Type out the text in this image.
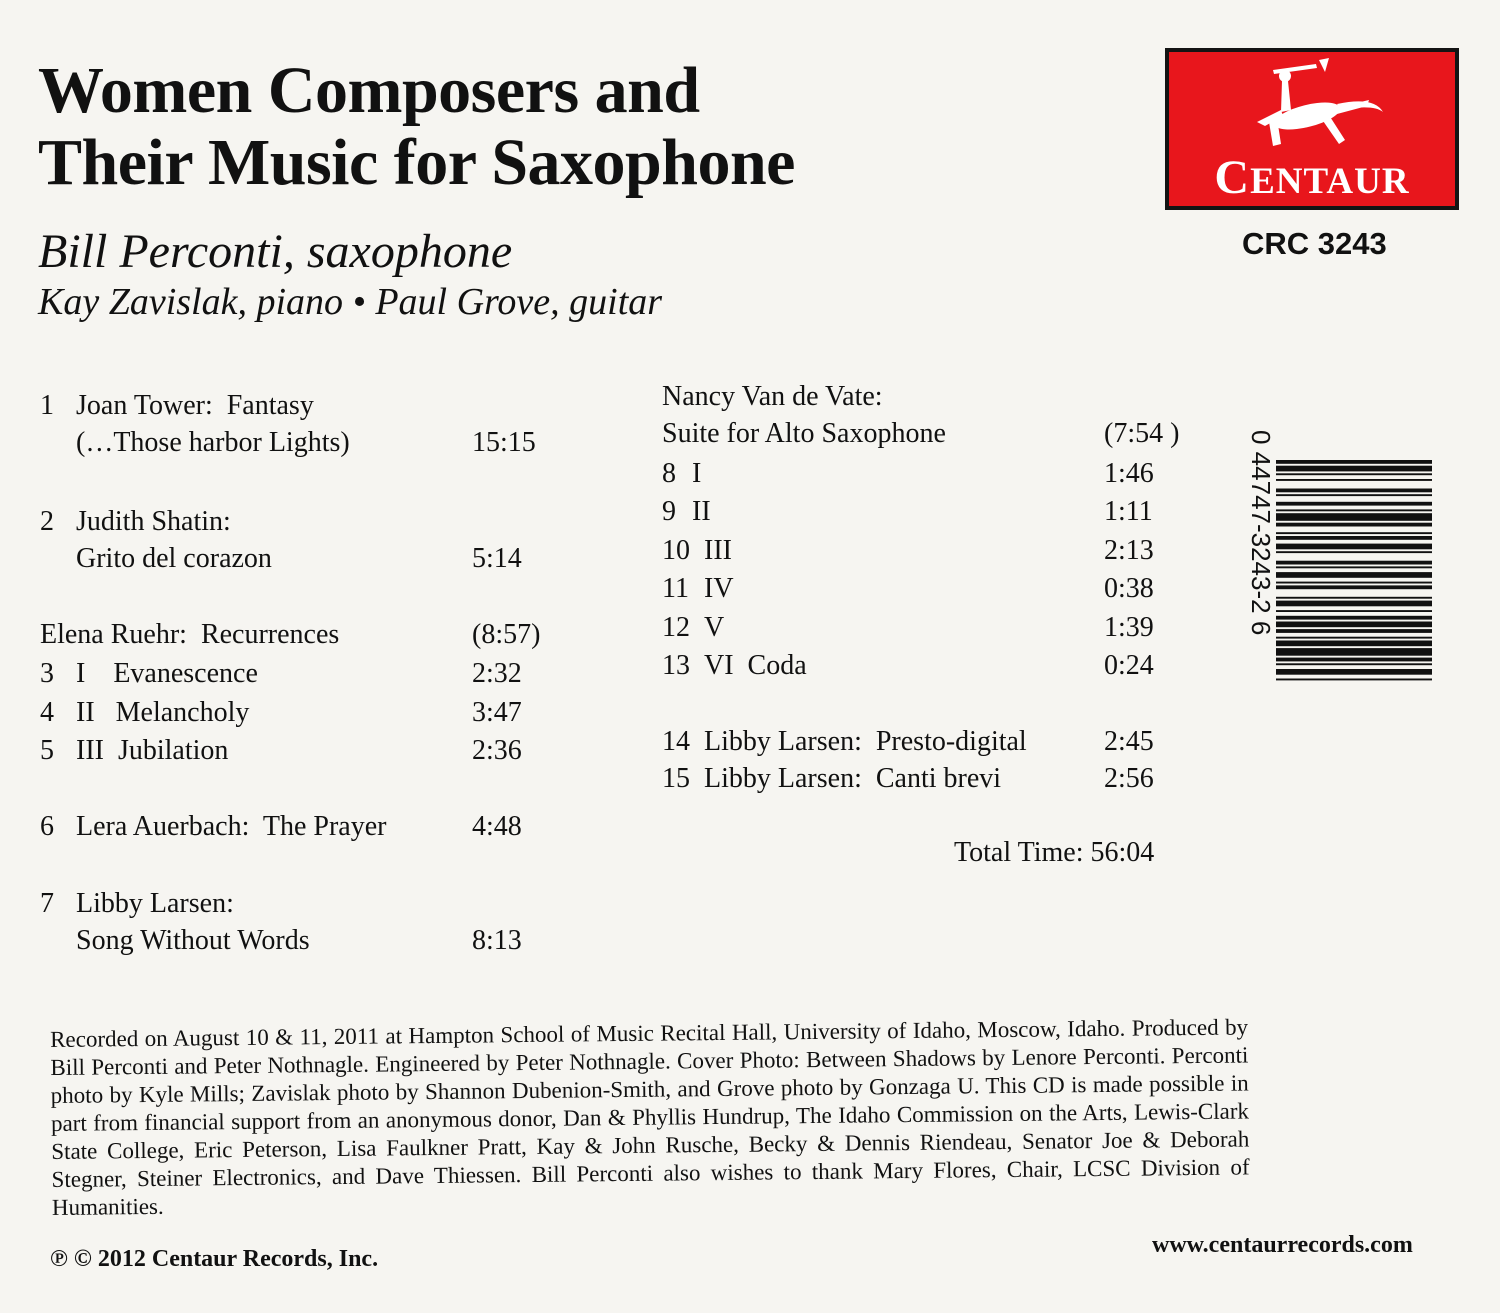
Women Composers and
Their Music for Saxophone
Bill Perconti, saxophone
Kay Zavislak, piano • Paul Grove, guitar
CENTAUR
CRC 3243
1 Joan Tower:  Fantasy
(…Those harbor Lights)	15:15
2 Judith Shatin:
Grito del corazon	5:14
Elena Ruehr:  Recurrences	(8:57)
3 I    Evanescence	2:32
4 II   Melancholy	3:47
5 III  Jubilation	2:36
6 Lera Auerbach:  The Prayer	4:48
7 Libby Larsen:
Song Without Words	8:13
Nancy Van de Vate:
Suite for Alto Saxophone	(7:54 )
8 I	1:46
9 II	1:11
10 III	2:13
11 IV	0:38
12 V	1:39
13 VI  Coda	0:24
14 Libby Larsen:  Presto-digital	2:45
15 Libby Larsen:  Canti brevi	2:56
Total Time: 56:04
0 44747-3243-2 6
Recorded on August 10 & 11, 2011 at Hampton School of Music Recital Hall, University of Idaho, Moscow, Idaho. Produced by Bill Perconti and Peter Nothnagle. Engineered by Peter Nothnagle. Cover Photo: Between Shadows by Lenore Perconti. Perconti photo by Kyle Mills; Zavislak photo by Shannon Dubenion-Smith, and Grove photo by Gonzaga U. This CD is made possible in part from financial support from an anonymous donor, Dan & Phyllis Hundrup, The Idaho Commission on the Arts, Lewis-Clark State College, Eric Peterson, Lisa Faulkner Pratt, Kay & John Rusche, Becky & Dennis Riendeau, Senator Joe & Deborah Stegner, Steiner Electronics, and Dave Thiessen. Bill Perconti also wishes to thank Mary Flores, Chair, LCSC Division of Humanities.
℗ © 2012 Centaur Records, Inc.
www.centaurrecords.com
